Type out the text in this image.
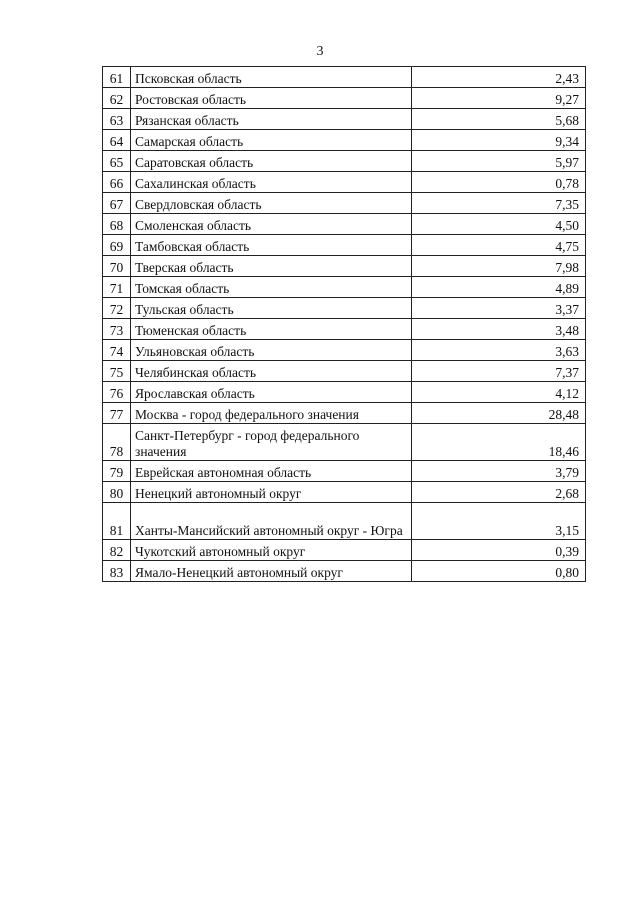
3
61	Псковская область	2,43
62	Ростовская область	9,27
63	Рязанская область	5,68
64	Самарская область	9,34
65	Саратовская область	5,97
66	Сахалинская область	0,78
67	Свердловская область	7,35
68	Смоленская область	4,50
69	Тамбовская область	4,75
70	Тверская область	7,98
71	Томская область	4,89
72	Тульская область	3,37
73	Тюменская область	3,48
74	Ульяновская область	3,63
75	Челябинская область	7,37
76	Ярославская область	4,12
77	Москва - город федерального значения	28,48
78	Санкт-Петербург - город федерального значения	18,46
79	Еврейская автономная область	3,79
80	Ненецкий автономный округ	2,68
81	Ханты-Мансийский автономный округ - Югра	3,15
82	Чукотский автономный округ	0,39
83	Ямало-Ненецкий автономный округ	0,80
